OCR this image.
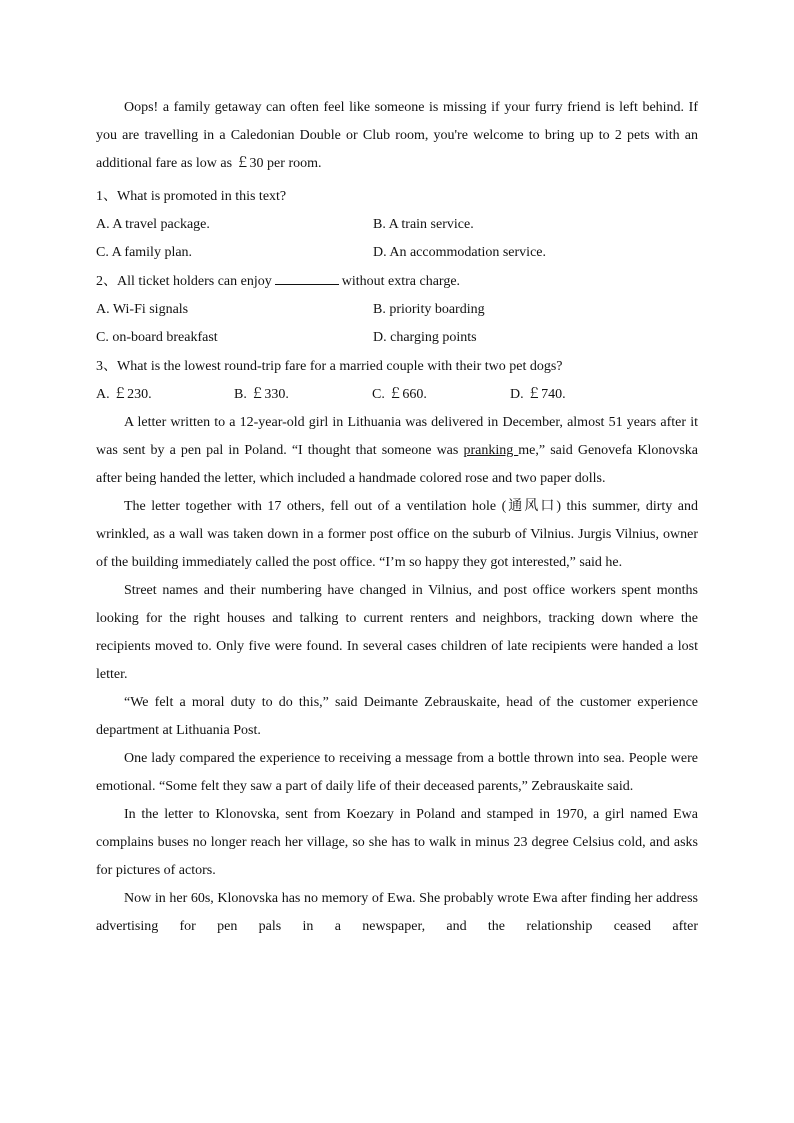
Oops! a family getaway can often feel like someone is missing if your furry friend is left behind. If you are travelling in a Caledonian Double or Club room, you're welcome to bring up to 2 pets with an additional fare as low as ￡30 per room.

1、What is promoted in this text?

A. A travel package.	B. A train service.
C. A family plan.	D. An accommodation service.

2、All ticket holders can enjoy	without extra charge.

A. Wi-Fi signals	B. priority boarding
C. on-board breakfast	D. charging points

3、What is the lowest round-trip fare for a married couple with their two pet dogs?

A. ￡230.	B. ￡330.	C. ￡660.	D. ￡740.

A letter written to a 12-year-old girl in Lithuania was delivered in December, almost 51 years after it was sent by a pen pal in Poland. “I thought that someone was pranking me,” said Genovefa Klonovska after being handed the letter, which included a handmade colored rose and two paper dolls.

The letter together with 17 others, fell out of a ventilation hole (通风口) this summer, dirty and wrinkled, as a wall was taken down in a former post office on the suburb of Vilnius. Jurgis Vilnius, owner of the building immediately called the post office. “I’m so happy they got interested,” said he.

Street names and their numbering have changed in Vilnius, and post office workers spent months looking for the right houses and talking to current renters and neighbors, tracking down where the recipients moved to. Only five were found. In several cases children of late recipients were handed a lost letter.

“We felt a moral duty to do this,” said Deimante Zebrauskaite, head of the customer experience department at Lithuania Post.

One lady compared the experience to receiving a message from a bottle thrown into sea. People were emotional. “Some felt they saw a part of daily life of their deceased parents,” Zebrauskaite said.

In the letter to Klonovska, sent from Koezary in Poland and stamped in 1970, a girl named Ewa complains buses no longer reach her village, so she has to walk in minus 23 degree Celsius cold, and asks for pictures of actors.

Now in her 60s, Klonovska has no memory of Ewa. She probably wrote Ewa after finding her address advertising for pen pals in a newspaper, and the relationship ceased after
